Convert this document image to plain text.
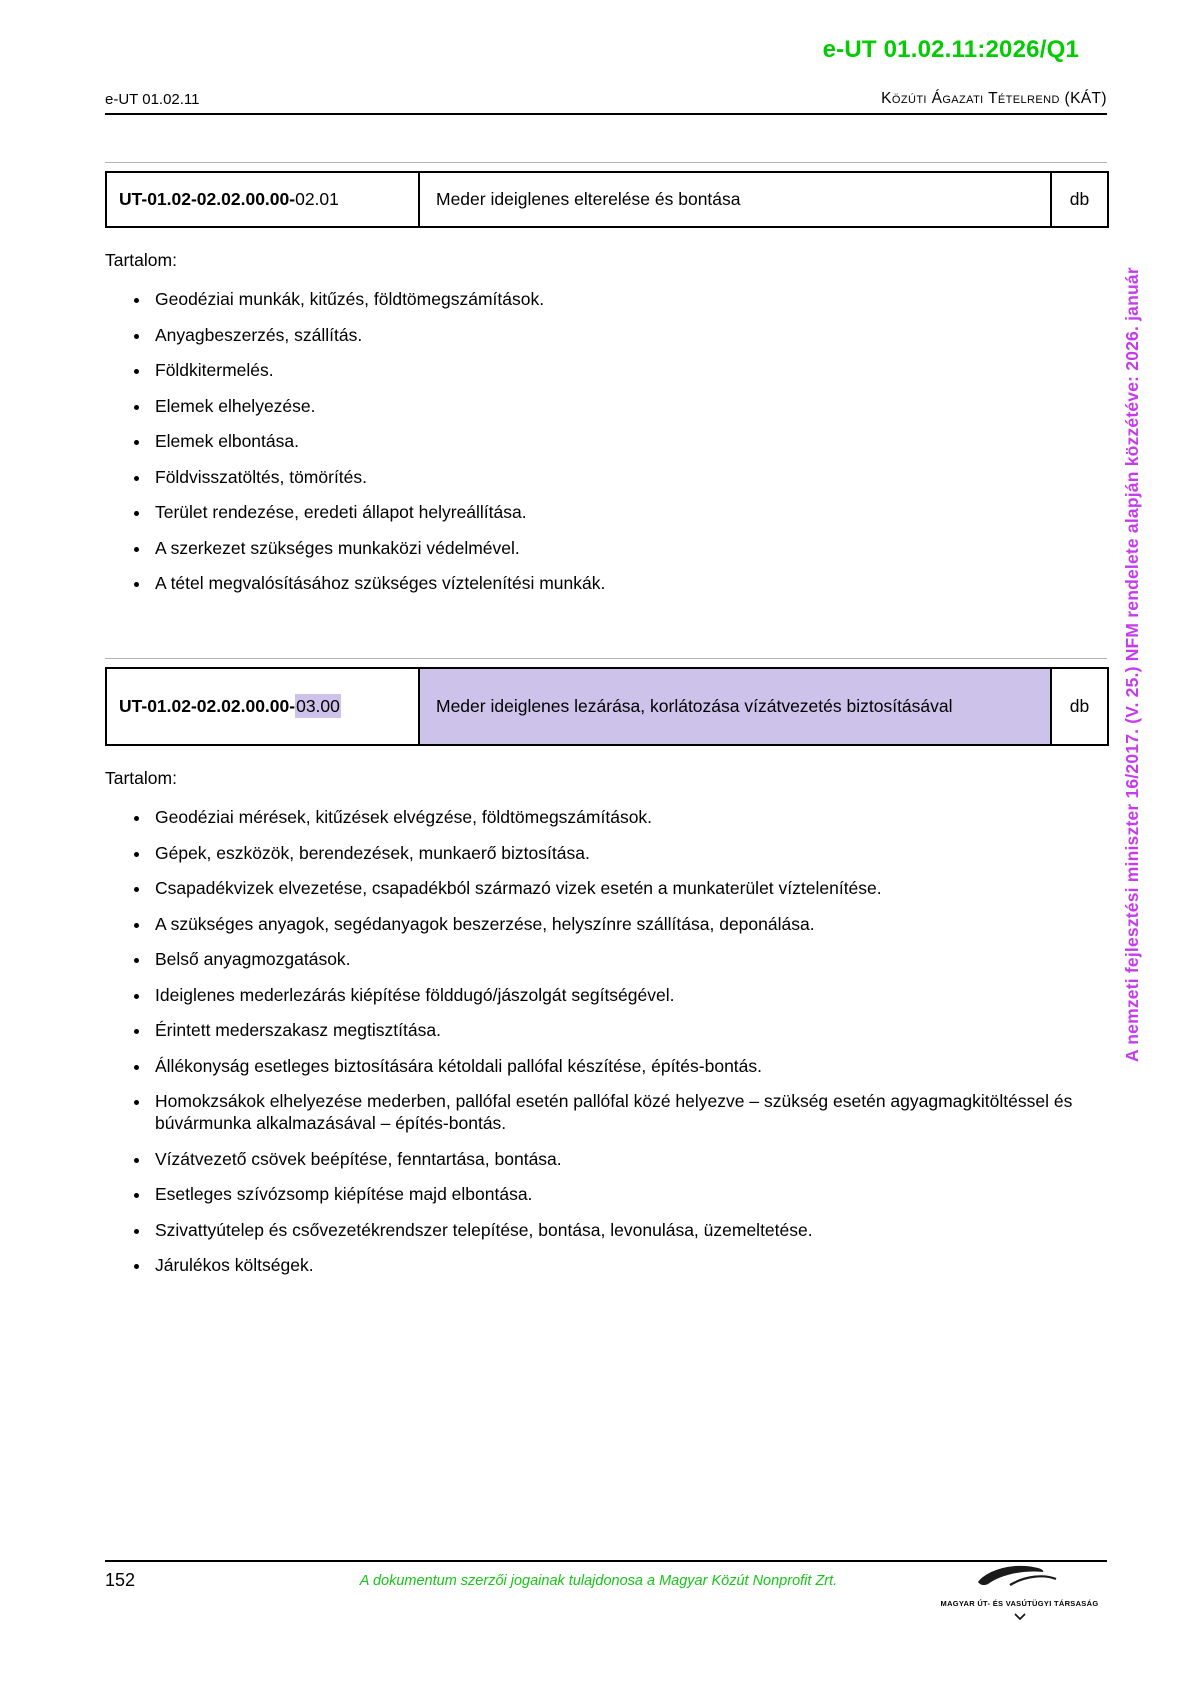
e-UT 01.02.11:2026/Q1
e-UT 01.02.11	Közúti Ágazati Tételrend (KÁT)
UT-01.02-02.02.00.00-02.01	Meder ideiglenes elterelése és bontása	db
Tartalom:
• Geodéziai munkák, kitűzés, földtömegszámítások.
• Anyagbeszerzés, szállítás.
• Földkitermelés.
• Elemek elhelyezése.
• Elemek elbontása.
• Földvisszatöltés, tömörítés.
• Terület rendezése, eredeti állapot helyreállítása.
• A szerkezet szükséges munkaközi védelmével.
• A tétel megvalósításához szükséges víztelenítési munkák.
UT-01.02-02.02.00.00-03.00	Meder ideiglenes lezárása, korlátozása vízátvezetés biztosításával	db
Tartalom:
• Geodéziai mérések, kitűzések elvégzése, földtömegszámítások.
• Gépek, eszközök, berendezések, munkaerő biztosítása.
• Csapadékvizek elvezetése, csapadékból származó vizek esetén a munkaterület víztelenítése.
• A szükséges anyagok, segédanyagok beszerzése, helyszínre szállítása, deponálása.
• Belső anyagmozgatások.
• Ideiglenes mederlezárás kiépítése földdugó/jászolgát segítségével.
• Érintett mederszakasz megtisztítása.
• Állékonyság esetleges biztosítására kétoldali pallófal készítése, építés-bontás.
• Homokzsákok elhelyezése mederben, pallófal esetén pallófal közé helyezve – szükség esetén agyagmagkitöltéssel és búvármunka alkalmazásával – építés-bontás.
• Vízátvezető csövek beépítése, fenntartása, bontása.
• Esetleges szívózsomp kiépítése majd elbontása.
• Szivattyútelep és csővezetékrendszer telepítése, bontása, levonulása, üzemeltetése.
• Járulékos költségek.
152	A dokumentum szerzői jogainak tulajdonosa a Magyar Közút Nonprofit Zrt.
MAGYAR ÚT- ÉS VASÚTÜGYI TÁRSASÁG
A nemzeti fejlesztési miniszter 16/2017. (V. 25.) NFM rendelete alapján közzétéve: 2026. január
